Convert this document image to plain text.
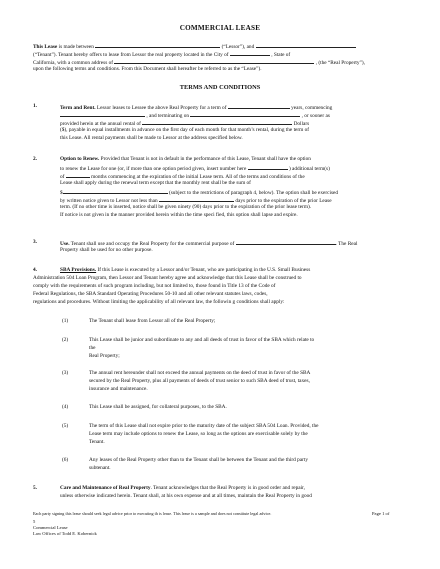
COMMERCIAL LEASE
This Lease is made between	(“Lessor”), and
(“Tenant”). Tenant hereby offers to lease from Lessor the real property located in the City of	, State of
California, with a common address of	, (the “Real Property”),
upon the following terms and conditions. From this Document shall hereafter be referred to as the “Lease”).
TERMS AND CONDITIONS
1.	Term and Rent. Lessor leases to Lessee the above Real Property for a term of	years, commencing
, and terminating on	, or sooner as
provided herein at the annual rental of	Dollars
($), payable in equal installments in advance on the first day of each month for that month’s rental, during the term of
this Lease. All rental payments shall be made to Lessor at the address specified below.
2.	Option to Renew. Provided that Tenant is not in default in the performance of this Lease, Tenant shall have the option
to renew the Lease for one (or, if more than one option period given, insert number here	) additional term(s)
of	months commencing at the expiration of the initial Lease term. All of the terms and conditions of the
Lease shall apply during the renewal term except that the monthly rent shall be the sum of
$	(subject to the restrictions of paragraph 4, below). The option shall be exercised
by written notice given to Lessor not less than	days prior to the expiration of the prior Lease
term. (If no other time is inserted, notice shall be given ninety (90) days prior to the expiration of the prior lease term).
If notice is not given in the manner provided herein within the time speci fied, this option shall lapse and expire.
3.	Use. Tenant shall use and occupy the Real Property for the commercial purpose of	. The Real
Property shall be used for no other purpose.
4.	SBA Provisions. If this Lease is executed by a Lessor and/or Tenant, who are participating in the U.S. Small Business
Administration 504 Loan Program, then Lessor and Tenant hereby agree and acknowledge that this Lease shall be construed to
comply with the requirements of such program including, but not limited to, those found in Title 13 of the Code of
Federal Regulations, the SBA Standard Operating Procedures 50-10 and all other relevant statutes laws, codes,
regulations and procedures. Without limiting the applicability of all relevant law, the followin g conditions shall apply:
(1)	The Tenant shall lease from Lessor all of the Real Property;
(2)	This Lease shall be junior and subordinate to any and all deeds of trust in favor of the SBA which relate to
the
Real Property;
(3)	The annual rent hereunder shall not exceed the annual payments on the deed of trust in favor of the SBA
secured by the Real Property, plus all payments of deeds of trust senior to such SBA deed of trust, taxes,
insurance and maintenance.
(4)	This Lease shall be assigned, for collateral purposes, to the SBA.
(5)	The term of this Lease shall not expire prior to the maturity date of the subject SBA 504 Loan. Provided, the
Lease term may include options to renew the Lease, so long as the options are exercisable solely by the
Tenant.
(6)	Any leases of the Real Property other than to the Tenant shall be between the Tenant and the third party
subtenant.
5.	Care and Maintenance of Real Property. Tenant acknowledges that the Real Property is in good order and repair,
unless otherwise indicated herein. Tenant shall, at his own expense and at all times, maintain the Real Property in good
Each party signing this lease should seek legal advice prior to executing th is lease. This lease is a sample and does not constitute legal advice.	Page 1 of
5
Commercial Lease
Law Offices of Todd E. Kobernick
